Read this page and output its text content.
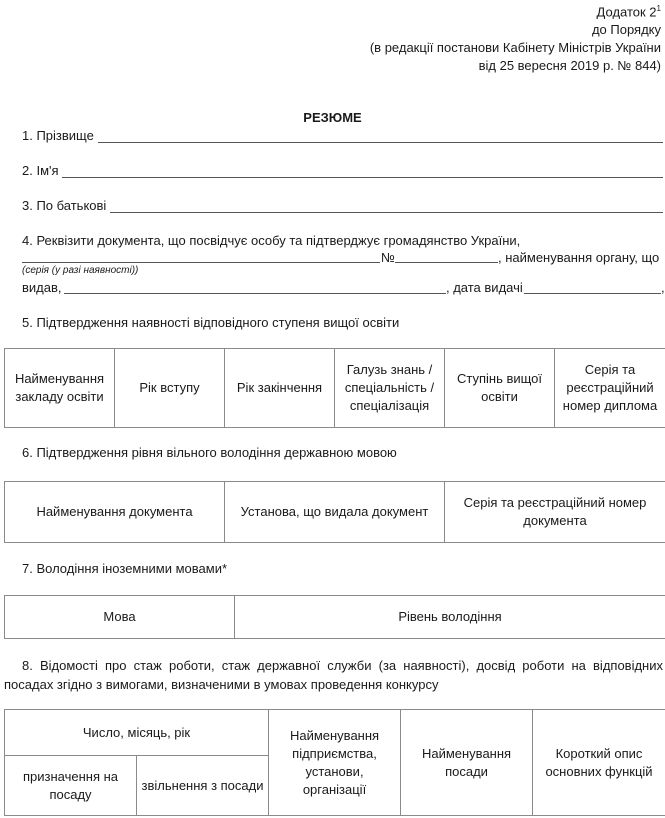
Додаток $2^1$
до Порядку
(в редакції постанови Кабінету Міністрів України
від 25 вересня 2019 р. № 844)
РЕЗЮМЕ
1. Прізвище
2. Ім'я
3. По батькові
4. Реквізити документа, що посвідчує особу та підтверджує громадянство України,
№	, найменування органу, що
(серія (у разі наявності))
видав,	, дата видачі	,
5. Підтвердження наявності відповідного ступеня вищої освіти
Найменування закладу освіти	Рік вступу	Рік закінчення	Галузь знань / спеціальність / спеціалізація	Ступінь вищої освіти	Серія та реєстраційний номер диплома
6. Підтвердження рівня вільного володіння державною мовою
Найменування документа	Установа, що видала документ	Серія та реєстраційний номер документа
7. Володіння іноземними мовами*
Мова	Рівень володіння
8. Відомості про стаж роботи, стаж державної служби (за наявності), досвід роботи на відповідних посадах згідно з вимогами, визначеними в умовах проведення конкурсу
Число, місяць, рік		Найменування підприємства, установи, організації	Найменування посади	Короткий опис основних функцій
призначення на посаду	звільнення з посади			
